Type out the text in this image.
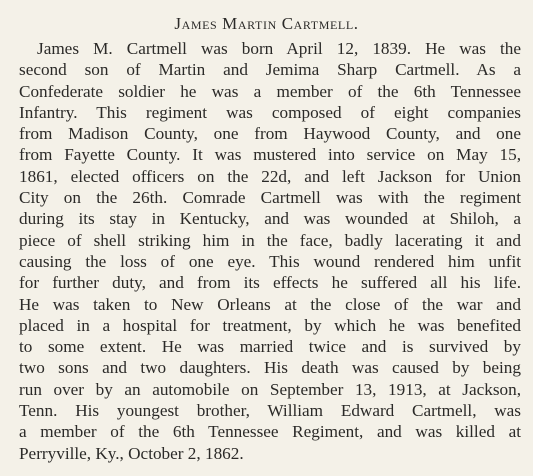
James Martin Cartmell.
James M. Cartmell was born April 12, 1839. He was the
second son of Martin and Jemima Sharp Cartmell. As a
Confederate soldier he was a member of the 6th Tennessee
Infantry. This regiment was composed of eight companies
from Madison County, one from Haywood County, and one
from Fayette County. It was mustered into service on May 15,
1861, elected officers on the 22d, and left Jackson for Union
City on the 26th. Comrade Cartmell was with the regiment
during its stay in Kentucky, and was wounded at Shiloh, a
piece of shell striking him in the face, badly lacerating it and
causing the loss of one eye. This wound rendered him unfit
for further duty, and from its effects he suffered all his life.
He was taken to New Orleans at the close of the war and
placed in a hospital for treatment, by which he was benefited
to some extent. He was married twice and is survived by
two sons and two daughters. His death was caused by being
run over by an automobile on September 13, 1913, at Jackson,
Tenn. His youngest brother, William Edward Cartmell, was
a member of the 6th Tennessee Regiment, and was killed at
Perryville, Ky., October 2, 1862.
